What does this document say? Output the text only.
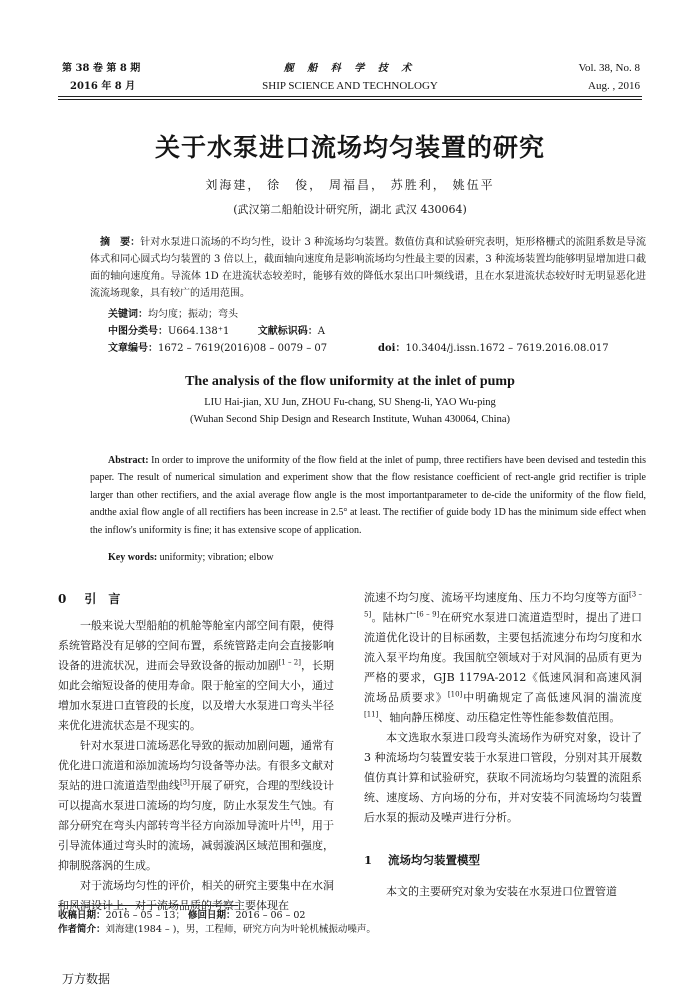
第 38 卷 第 8 期
2016 年 8 月
舰 船 科 学 技 术
SHIP SCIENCE AND TECHNOLOGY
Vol. 38, No. 8
Aug. , 2016
关于水泵进口流场均匀装置的研究
刘海建， 徐　俊， 周福昌， 苏胜利， 姚伍平
(武汉第二船舶设计研究所，湖北 武汉 430064)
摘　要：针对水泵进口流场的不均匀性，设计 3 种流场均匀装置。数值仿真和试验研究表明，矩形格栅式的流阻系数是导流体式和同心圆式均匀装置的 3 倍以上，截面轴向速度角是影响流场均匀性最主要的因素，3 种流场装置均能够明显增加进口截面的轴向速度角。导流体 1D 在进流状态较差时，能够有效的降低水泵出口叶频线谱，且在水泵进流状态较好时无明显恶化进流流场现象，具有较广的适用范围。
关键词：均匀度；振动；弯头
中图分类号：U664.138⁺1	文献标识码：A
文章编号：1672 – 7619(2016)08 – 0079 – 07	doi：10.3404/j.issn.1672 – 7619.2016.08.017
The analysis of the flow uniformity at the inlet of pump
LIU Hai-jian, XU Jun, ZHOU Fu-chang, SU Sheng-li, YAO Wu-ping
(Wuhan Second Ship Design and Research Institute, Wuhan 430064, China)
Abstract: In order to improve the uniformity of the flow field at the inlet of pump, three rectifiers have been devised and testedin this paper. The result of numerical simulation and experiment show that the flow resistance coefficient of rect-angle grid rectifier is triple larger than other rectifiers, and the axial average flow angle is the most importantparameter to de-cide the uniformity of the flow field, andthe axial flow angle of all rectifiers has been increase in 2.5° at least. The rectifier of guide body 1D has the minimum side effect when the inflow's uniformity is fine; it has extensive scope of application.
Key words: uniformity; vibration; elbow
0 引　言

一般来说大型船舶的机舱等舱室内部空间有限，使得系统管路没有足够的空间布置，系统管路走向会直接影响设备的进流状况，进而会导致设备的振动加剧[1 – 2]，长期如此会缩短设备的使用寿命。限于舱室的空间大小，通过增加水泵进口直管段的长度，以及增大水泵进口弯头半径来优化进流状态是不现实的。

针对水泵进口流场恶化导致的振动加剧问题，通常有优化进口流道和添加流场均匀设备等办法。有很多文献对泵站的进口流道造型曲线[3]开展了研究，合理的型线设计可以提高水泵进口流场的均匀度，防止水泵发生气蚀。有部分研究在弯头内部转弯半径方向添加导流叶片[4]，用于引导流体通过弯头时的流场，减弱漩涡区域范围和强度，抑制脱落涡的生成。

对于流场均匀性的评价，相关的研究主要集中在水洞和风洞设计上，对于流场品质的考察主要体现在

流速不均匀度、流场平均速度角、压力不均匀度等方面[3 – 5]。陆林广[6 – 9]在研究水泵进口流道造型时，提出了进口流道优化设计的目标函数，主要包括流速分布均匀度和水流入泵平均角度。我国航空领域对于对风洞的品质有更为严格的要求，GJB 1179A-2012《低速风洞和高速风洞流场品质要求》[10]中明确规定了高低速风洞的湍流度[11]、轴向静压梯度、动压稳定性等性能参数值范围。

本文选取水泵进口段弯头流场作为研究对象，设计了 3 种流场均匀装置安装于水泵进口管段，分别对其开展数值仿真计算和试验研究，获取不同流场均匀装置的流阻系统、速度场、方向场的分布，并对安装不同流场均匀装置后水泵的振动及噪声进行分析。

1 流场均匀装置模型

本文的主要研究对象为安装在水泵进口位置管道

收稿日期：2016 – 05 – 13； 修回日期：2016 – 06 – 02
作者简介：刘海建(1984 – )，男，工程师，研究方向为叶轮机械振动噪声。
万方数据
